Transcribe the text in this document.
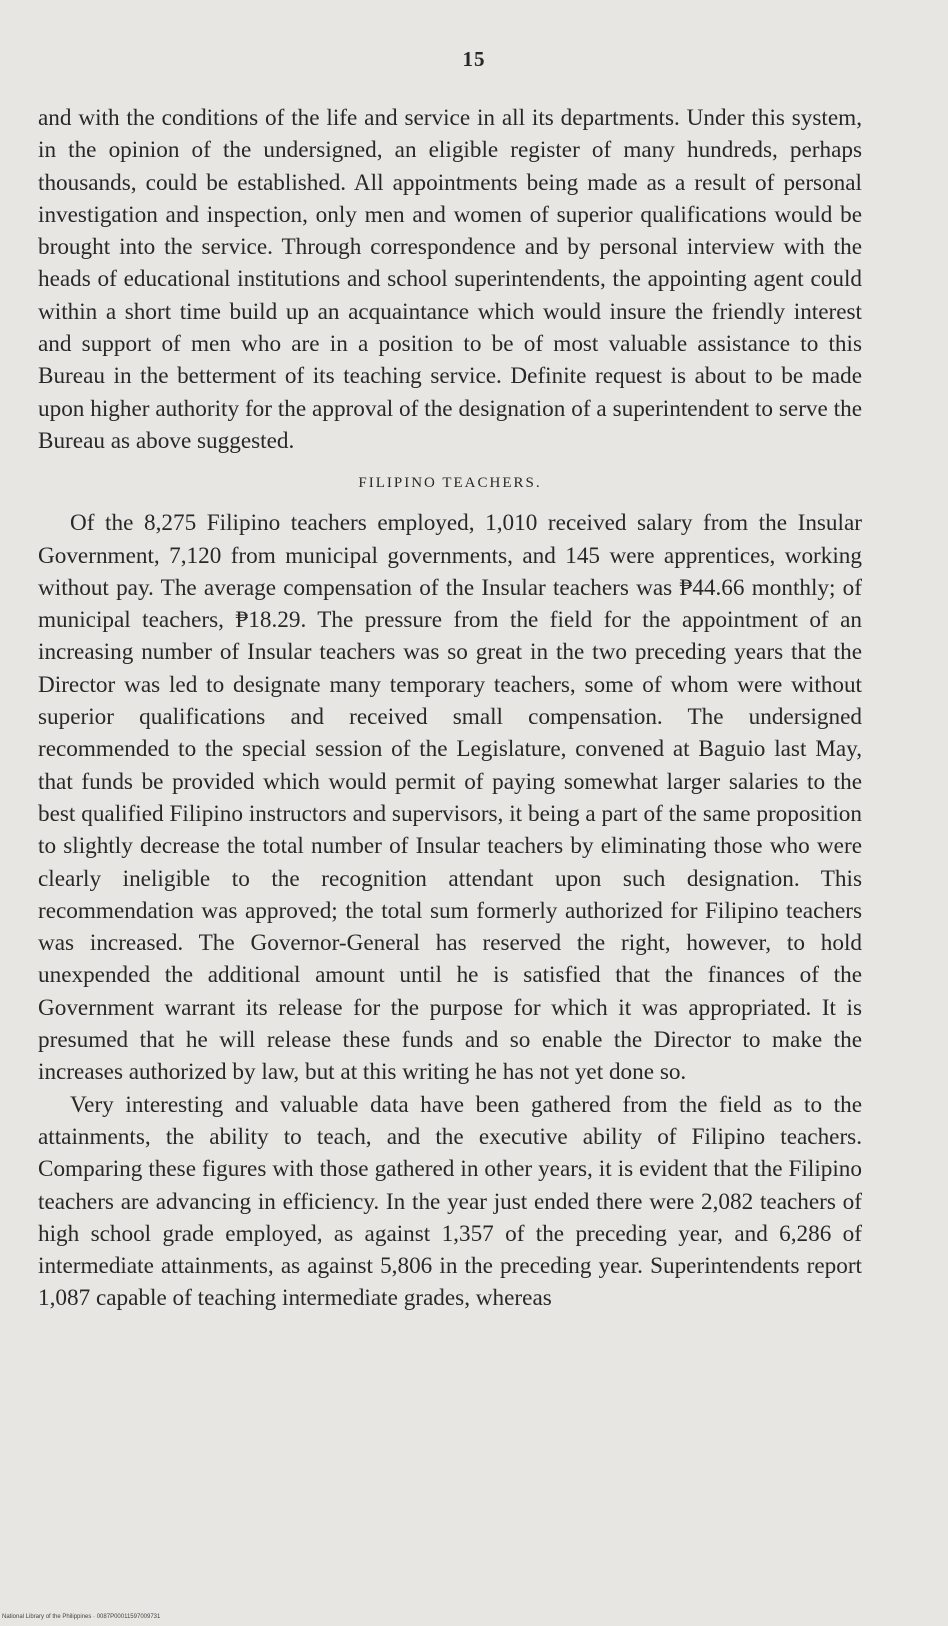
15

and with the conditions of the life and service in all its departments. Under this system, in the opinion of the undersigned, an eligible register of many hundreds, perhaps thousands, could be established. All appointments being made as a result of personal investigation and inspection, only men and women of superior qualifications would be brought into the service. Through correspondence and by personal interview with the heads of educational institutions and school superintendents, the appointing agent could within a short time build up an acquaintance which would insure the friendly interest and support of men who are in a position to be of most valuable assistance to this Bureau in the betterment of its teaching service. Definite request is about to be made upon higher authority for the approval of the designation of a superintendent to serve the Bureau as above suggested.

FILIPINO TEACHERS.

Of the 8,275 Filipino teachers employed, 1,010 received salary from the Insular Government, 7,120 from municipal governments, and 145 were apprentices, working without pay. The average compensation of the Insular teachers was ₱44.66 monthly; of municipal teachers, ₱18.29. The pressure from the field for the appointment of an increasing number of Insular teachers was so great in the two preceding years that the Director was led to designate many temporary teachers, some of whom were without superior qualifications and received small compensation. The undersigned recommended to the special session of the Legislature, convened at Baguio last May, that funds be provided which would permit of paying somewhat larger salaries to the best qualified Filipino instructors and supervisors, it being a part of the same proposition to slightly decrease the total number of Insular teachers by eliminating those who were clearly ineligible to the recognition attendant upon such designation. This recommendation was approved; the total sum formerly authorized for Filipino teachers was increased. The Governor-General has reserved the right, however, to hold unexpended the additional amount until he is satisfied that the finances of the Government warrant its release for the purpose for which it was appropriated. It is presumed that he will release these funds and so enable the Director to make the increases authorized by law, but at this writing he has not yet done so.

Very interesting and valuable data have been gathered from the field as to the attainments, the ability to teach, and the executive ability of Filipino teachers. Comparing these figures with those gathered in other years, it is evident that the Filipino teachers are advancing in efficiency. In the year just ended there were 2,082 teachers of high school grade employed, as against 1,357 of the preceding year, and 6,286 of intermediate attainments, as against 5,806 in the preceding year. Superintendents report 1,087 capable of teaching intermediate grades, whereas

National Library of the Philippines · 0087P00011597009731
